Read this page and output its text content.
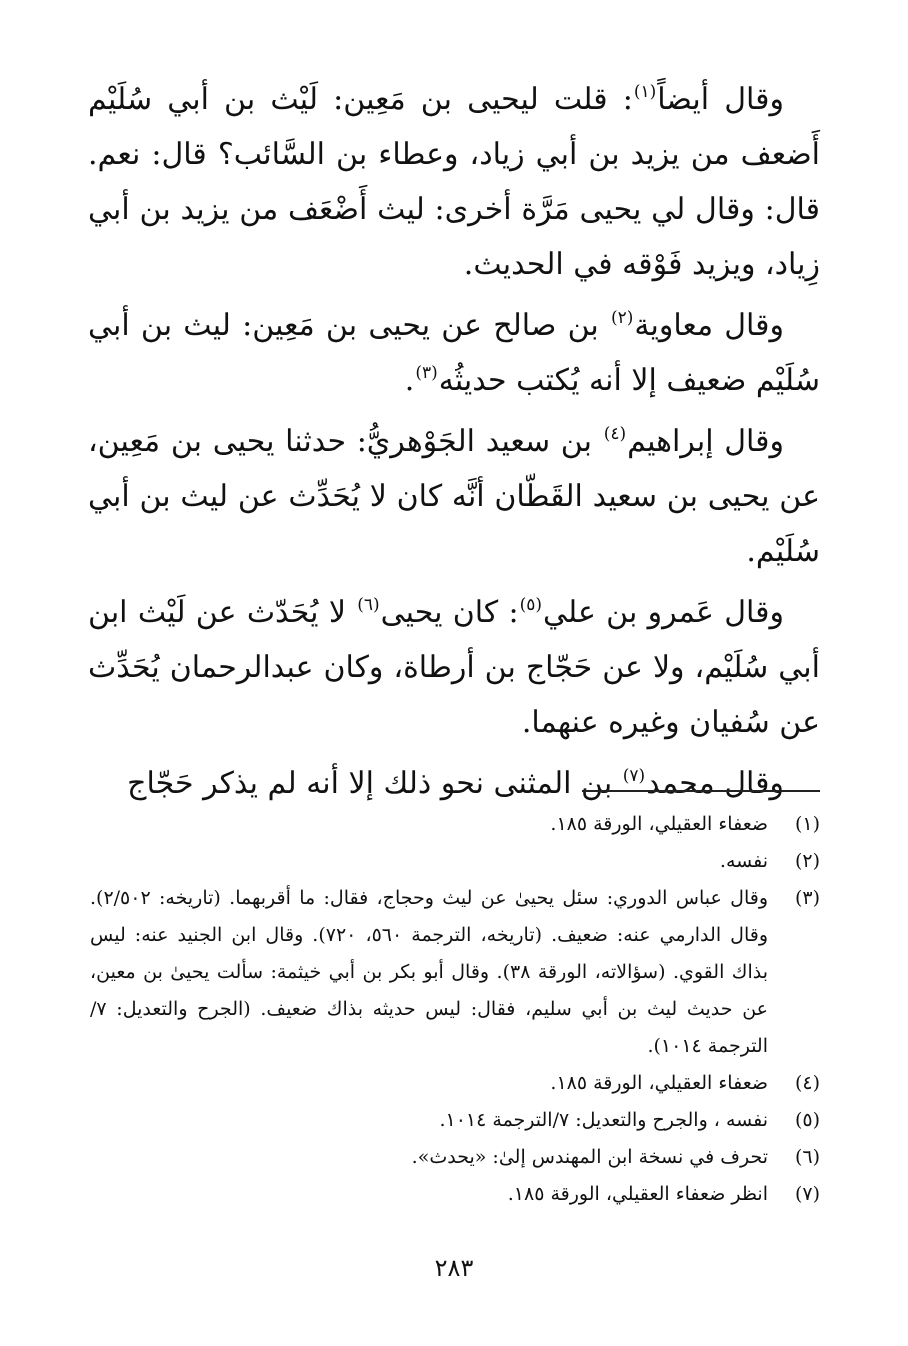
وقال أيضاً$^{(١)}$: قلت ليحيى بن مَعِين: لَيْث بن أبي سُلَيْم أَضعف من يزيد بن أبي زياد، وعطاء بن السَّائب؟ قال: نعم. قال: وقال لي يحيى مَرَّة أخرى: ليث أَضْعَف من يزيد بن أبي زِياد، ويزيد فَوْقه في الحديث.

وقال معاوية$^{(٢)}$ بن صالح عن يحيى بن مَعِين: ليث بن أبي سُلَيْم ضعيف إلا أنه يُكتب حديثُه$^{(٣)}$.

وقال إبراهيم$^{(٤)}$ بن سعيد الجَوْهريُّ: حدثنا يحيى بن مَعِين، عن يحيى بن سعيد القَطّان أنَّه كان لا يُحَدِّث عن ليث بن أبي سُلَيْم.

وقال عَمرو بن علي$^{(٥)}$: كان يحيى$^{(٦)}$ لا يُحَدّث عن لَيْث ابن أبي سُلَيْم، ولا عن حَجّاج بن أرطاة، وكان عبدالرحمان يُحَدِّث عن سُفيان وغيره عنهما.

وقال محمد$^{(٧)}$ بن المثنى نحو ذلك إلا أنه لم يذكر حَجّاج

(١)
ضعفاء العقيلي، الورقة ١٨٥.
(٢)
نفسه.
(٣)
وقال عباس الدوري: سئل يحيىٰ عن ليث وحجاج، فقال: ما أقربهما. (تاريخه: ٢/٥٠٢). وقال الدارمي عنه: ضعيف. (تاريخه، الترجمة ٥٦٠، ٧٢٠). وقال ابن الجنيد عنه: ليس بذاك القوي. (سؤالاته، الورقة ٣٨). وقال أبو بكر بن أبي خيثمة: سألت يحيىٰ بن معين، عن حديث ليث بن أبي سليم، فقال: ليس حديثه بذاك ضعيف. (الجرح والتعديل: ٧/الترجمة ١٠١٤).
(٤)
ضعفاء العقيلي، الورقة ١٨٥.
(٥)
نفسه ، والجرح والتعديل: ٧/الترجمة ١٠١٤.
(٦)
تحرف في نسخة ابن المهندس إلىٰ: «يحدث».
(٧)
انظر ضعفاء العقيلي، الورقة ١٨٥.
٢٨٣
